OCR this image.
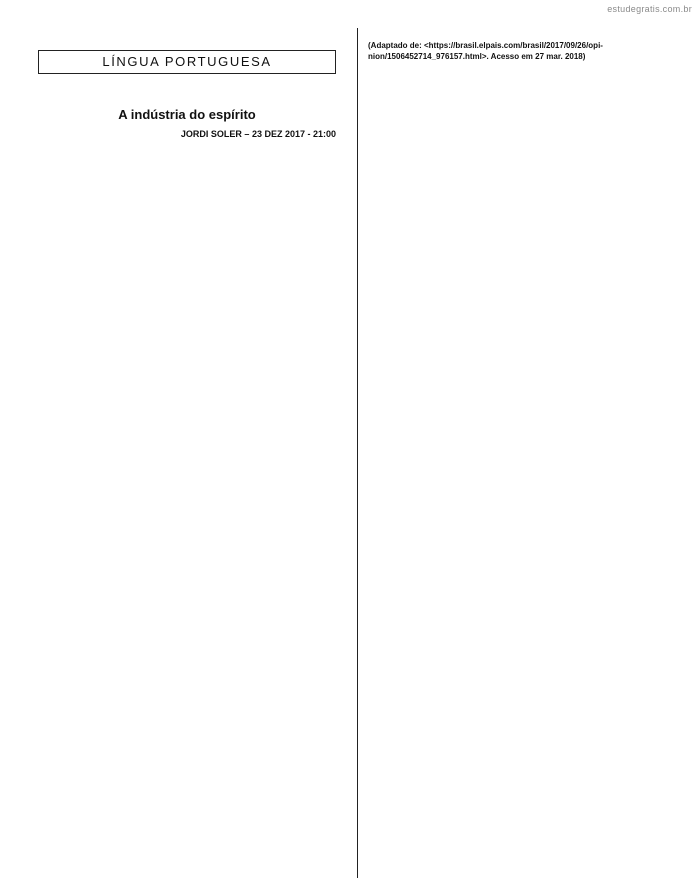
estudegratis.com.br
LÍNGUA PORTUGUESA
A indústria do espírito
JORDI SOLER – 23 DEZ 2017 - 21:00
(Adaptado de: <https://brasil.elpais.com/brasil/2017/09/26/opi-
nion/1506452714_976157.html>. Acesso em 27 mar. 2018)
